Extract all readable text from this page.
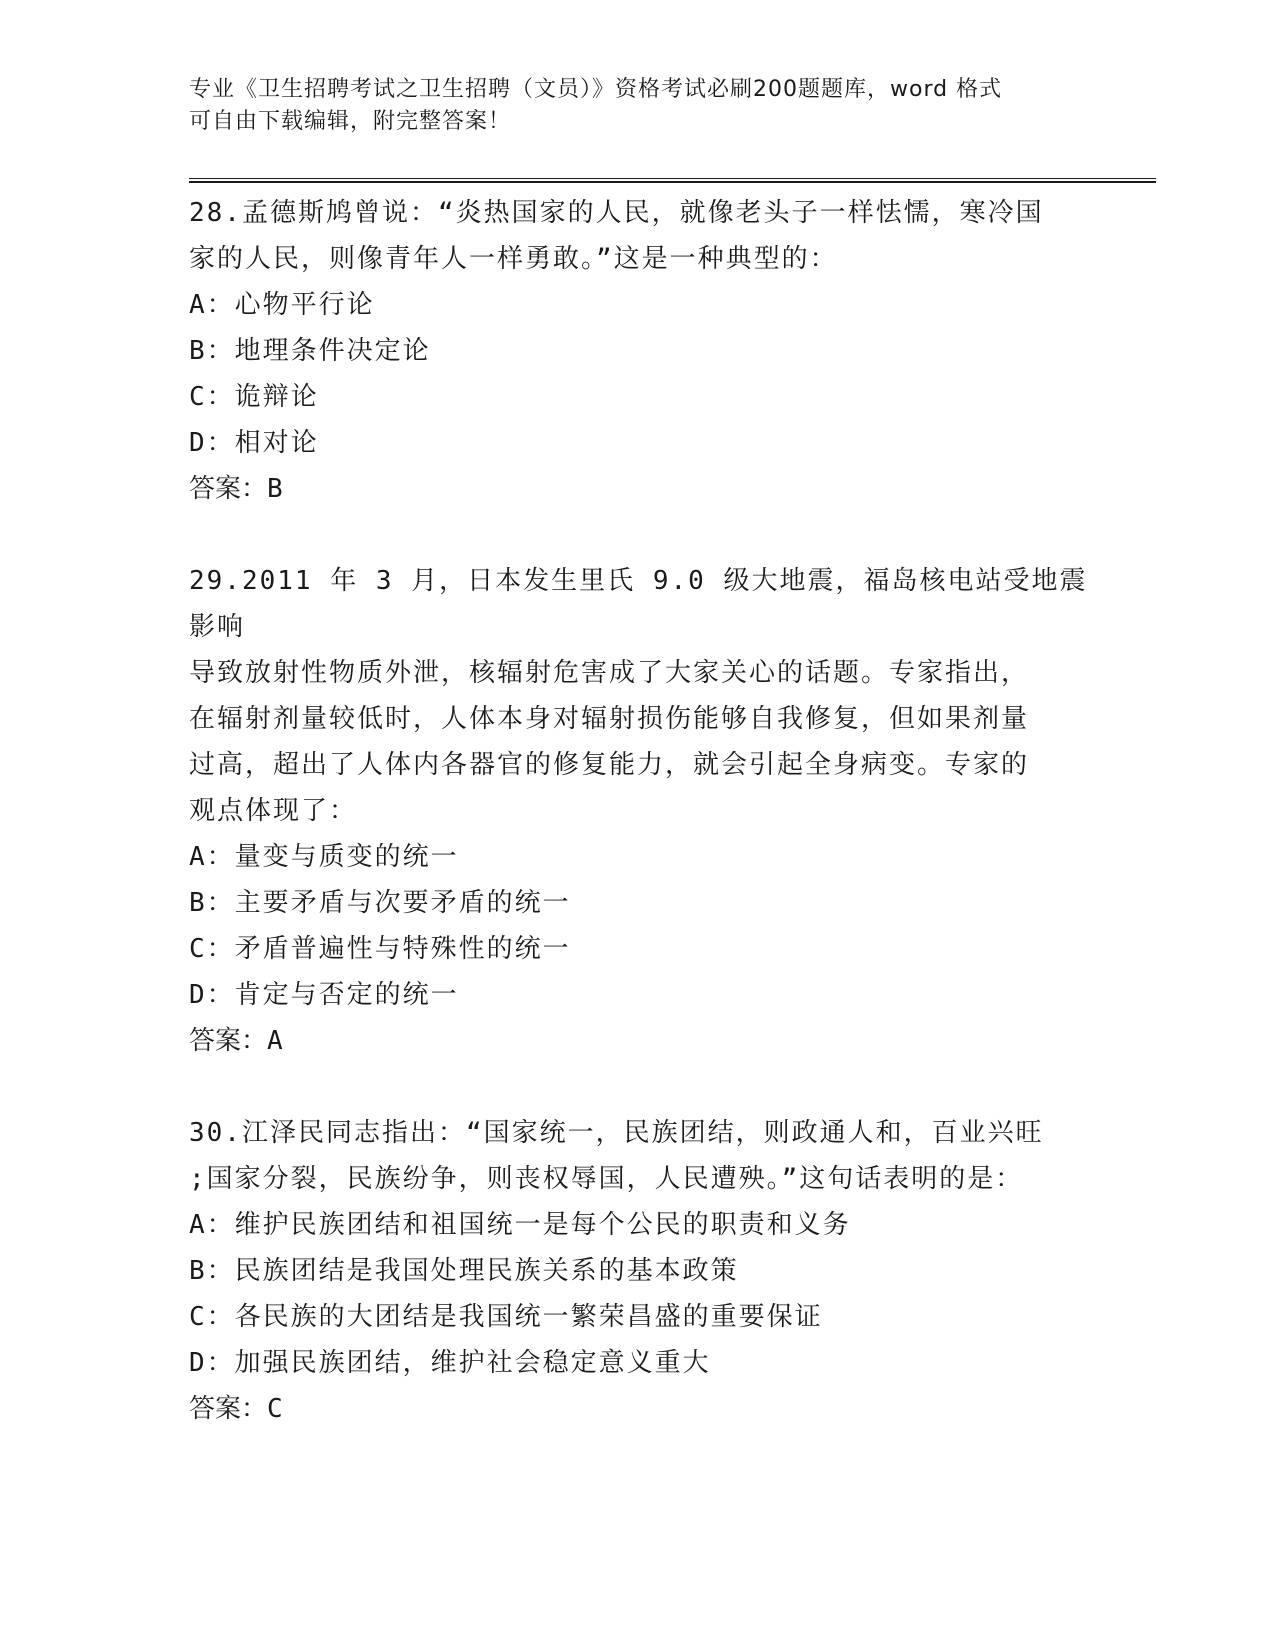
专业《卫生招聘考试之卫生招聘（文员）》资格考试必刷200题题库，word 格式
可自由下载编辑，附完整答案！

28.孟德斯鸠曾说：“炎热国家的人民，就像老头子一样怯懦，寒冷国

家的人民，则像青年人一样勇敢。”这是一种典型的：

A：心物平行论

B：地理条件决定论

C：诡辩论

D：相对论

答案：B

29.2011 年 3 月，日本发生里氏 9.0 级大地震，福岛核电站受地震影响

导致放射性物质外泄，核辐射危害成了大家关心的话题。专家指出，

在辐射剂量较低时，人体本身对辐射损伤能够自我修复，但如果剂量

过高，超出了人体内各器官的修复能力，就会引起全身病变。专家的

观点体现了：

A：量变与质变的统一

B：主要矛盾与次要矛盾的统一

C：矛盾普遍性与特殊性的统一

D：肯定与否定的统一

答案：A

30.江泽民同志指出：“国家统一，民族团结，则政通人和，百业兴旺

;国家分裂，民族纷争，则丧权辱国，人民遭殃。”这句话表明的是：

A：维护民族团结和祖国统一是每个公民的职责和义务

B：民族团结是我国处理民族关系的基本政策

C：各民族的大团结是我国统一繁荣昌盛的重要保证

D：加强民族团结，维护社会稳定意义重大

答案：C
